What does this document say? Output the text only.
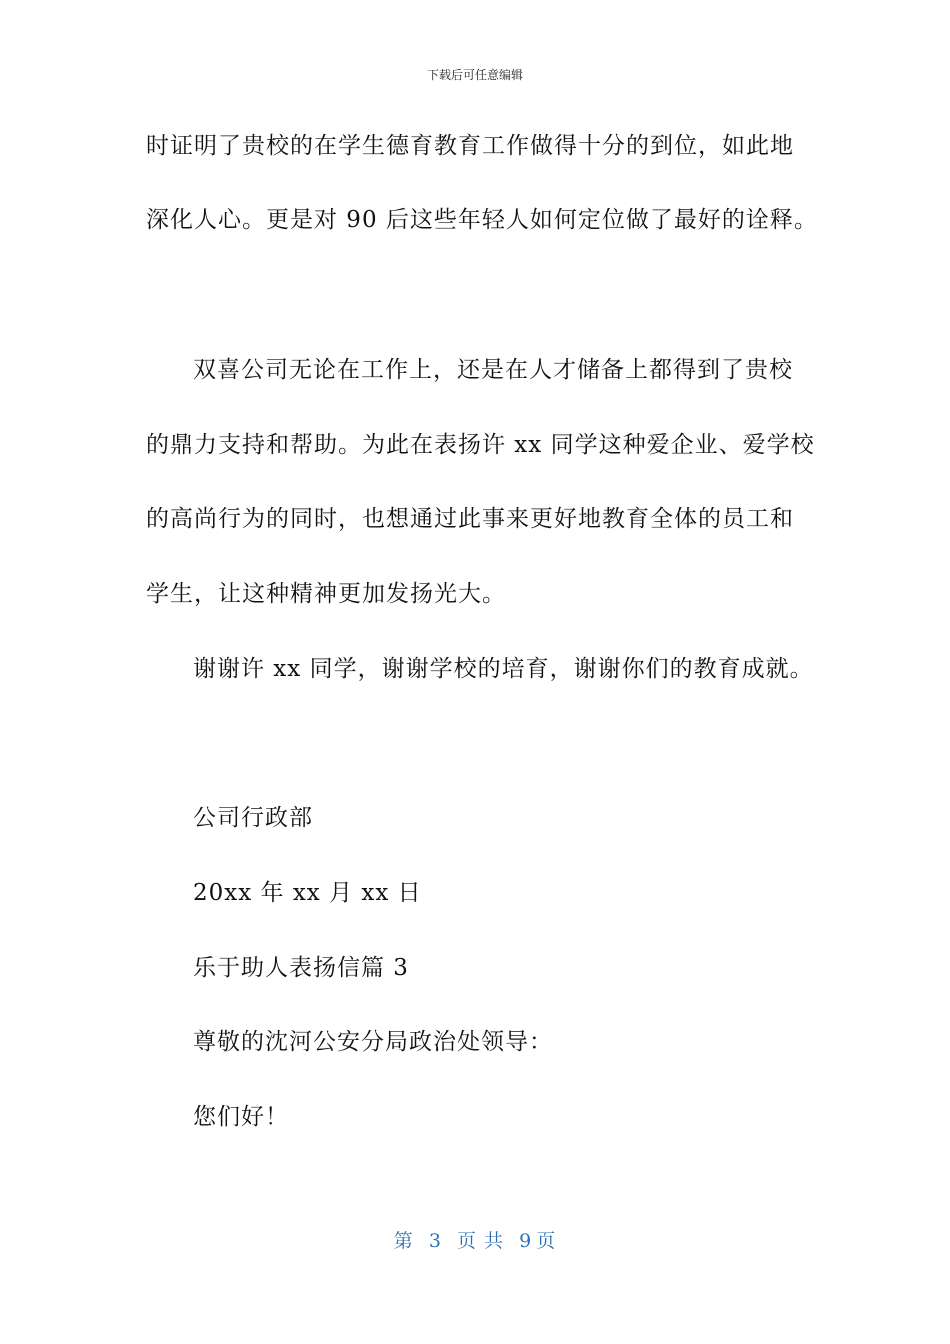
下载后可任意编辑
时证明了贵校的在学生德育教育工作做得十分的到位，如此地
深化人心。更是对 90 后这些年轻人如何定位做了最好的诠释。
双喜公司无论在工作上，还是在人才储备上都得到了贵校
的鼎力支持和帮助。为此在表扬许 xx 同学这种爱企业、爱学校
的高尚行为的同时，也想通过此事来更好地教育全体的员工和
学生，让这种精神更加发扬光大。
谢谢许 xx 同学，谢谢学校的培育，谢谢你们的教育成就。
公司行政部
20xx 年 xx 月 xx 日
乐于助人表扬信篇 3
尊敬的沈河公安分局政治处领导：
您们好！
第 3 页 共 9 页
